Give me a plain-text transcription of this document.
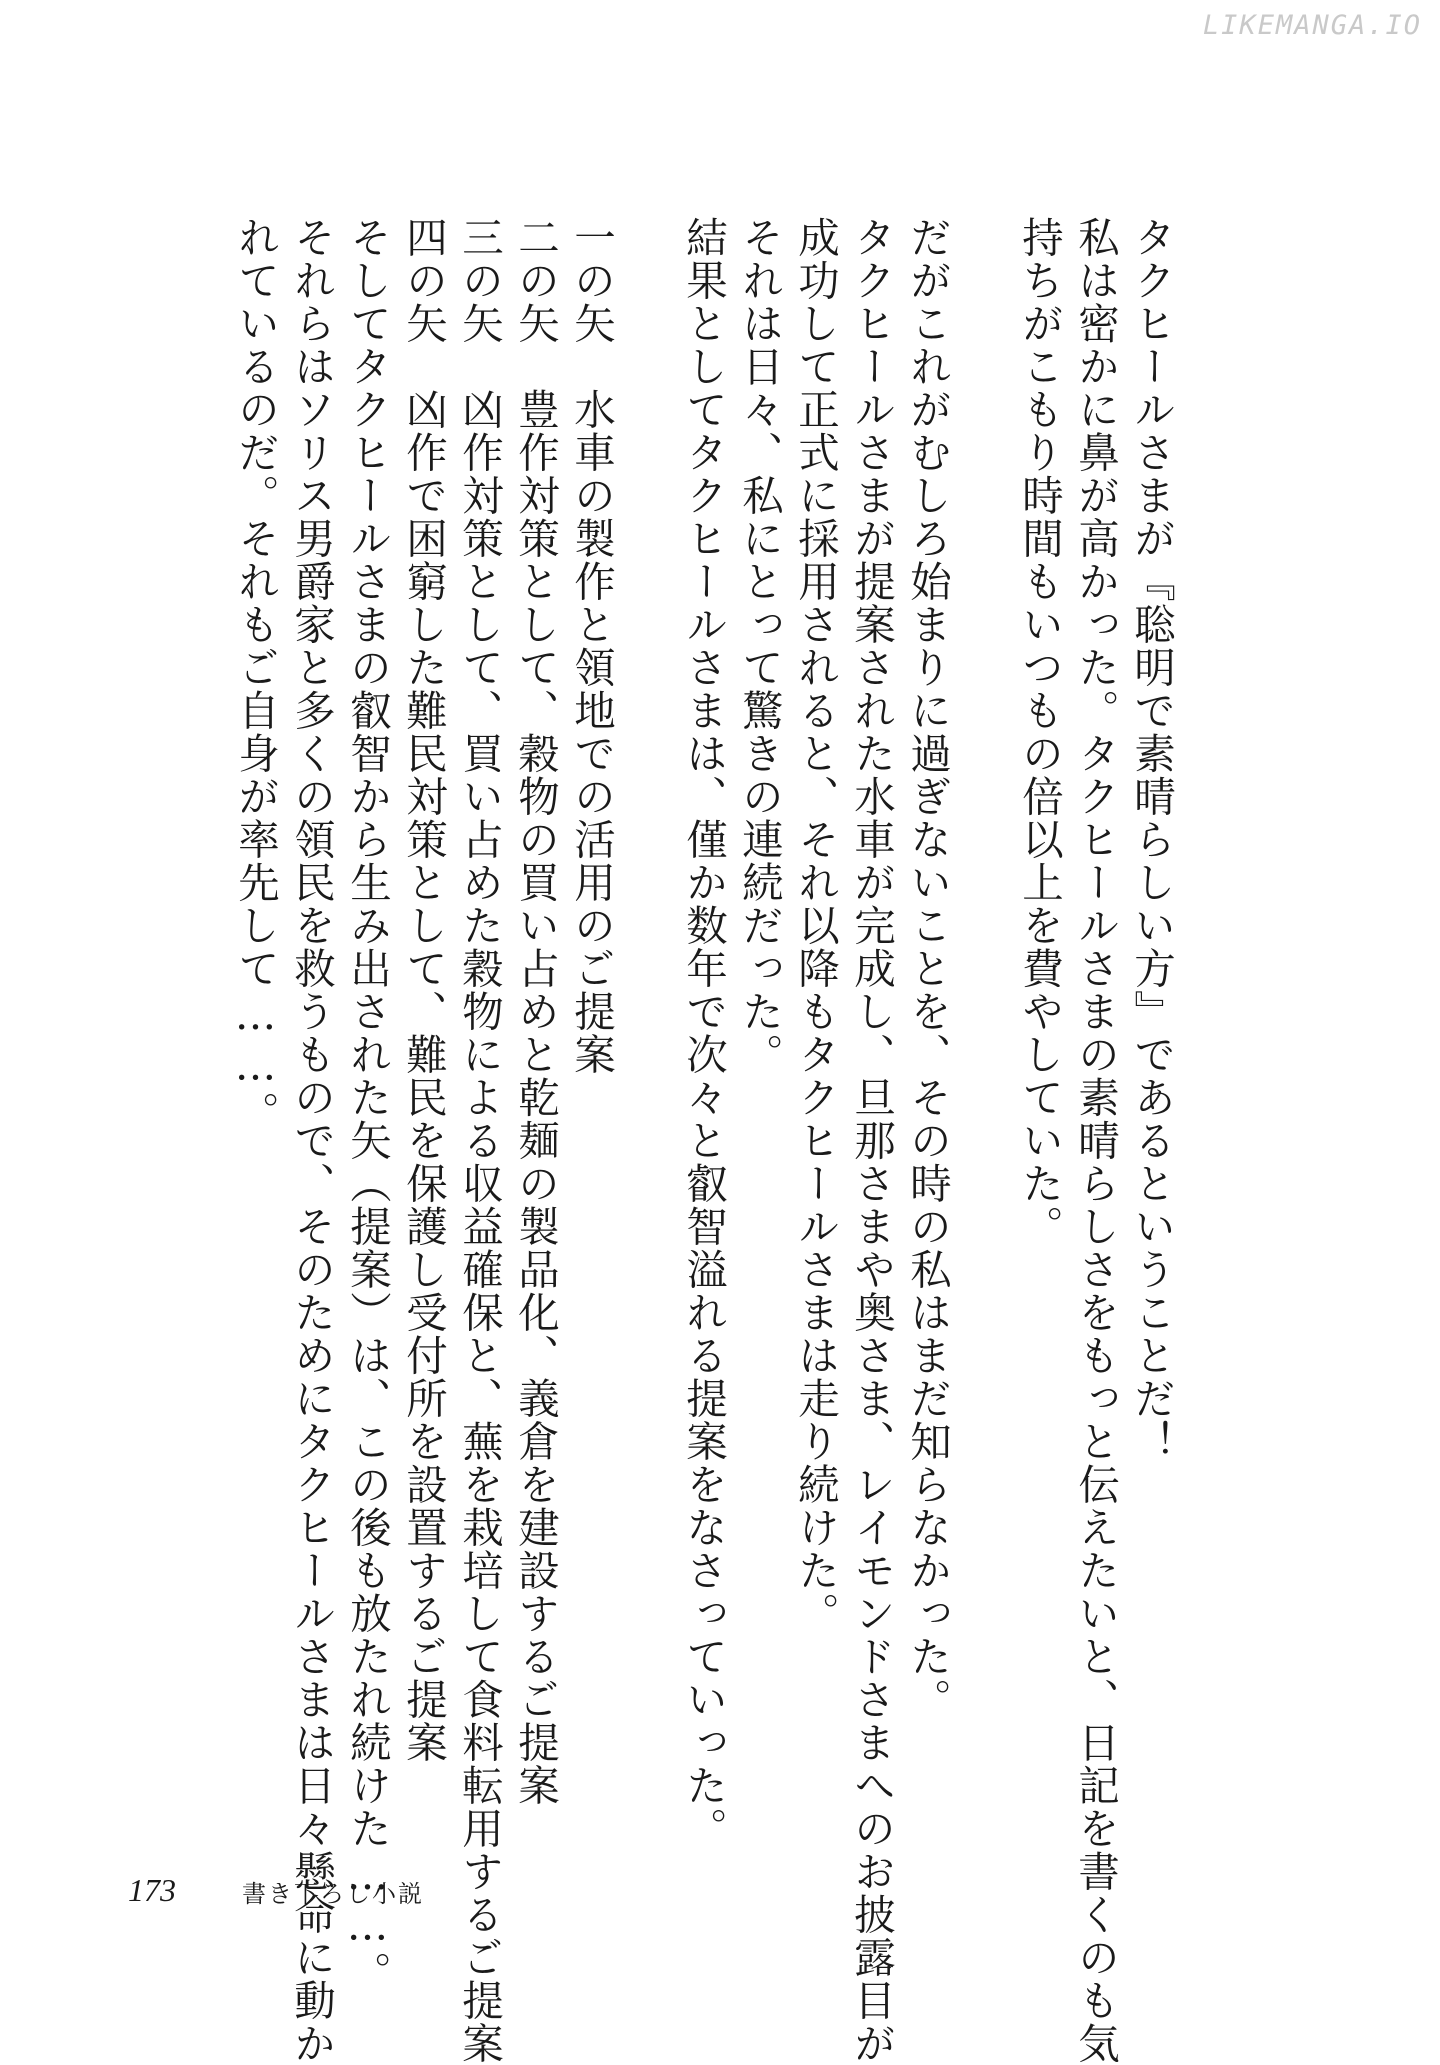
LIKEMANGA.IO
タクヒールさまが『聡明で素晴らしい方』であるということだ！
私は密かに鼻が高かった。タクヒールさまの素晴らしさをもっと伝えたいと、日記を書くのも気
持ちがこもり時間もいつもの倍以上を費やしていた。
だがこれがむしろ始まりに過ぎないことを、その時の私はまだ知らなかった。
タクヒールさまが提案された水車が完成し、旦那さまや奥さま、レイモンドさまへのお披露目が
成功して正式に採用されると、それ以降もタクヒールさまは走り続けた。
それは日々、私にとって驚きの連続だった。
結果としてタクヒールさまは、僅か数年で次々と叡智溢れる提案をなさっていった。
一の矢　水車の製作と領地での活用のご提案
二の矢　豊作対策として、穀物の買い占めと乾麺の製品化、義倉を建設するご提案
三の矢　凶作対策として、買い占めた穀物による収益確保と、蕪を栽培して食料転用するご提案
四の矢　凶作で困窮した難民対策として、難民を保護し受付所を設置するご提案
そしてタクヒールさまの叡智から生み出された矢（提案）は、この後も放たれ続けた……。
それらはソリス男爵家と多くの領民を救うもので、そのためにタクヒールさまは日々懸命に動か
れているのだ。それもご自身が率先して……。
173	書き下ろし小説
